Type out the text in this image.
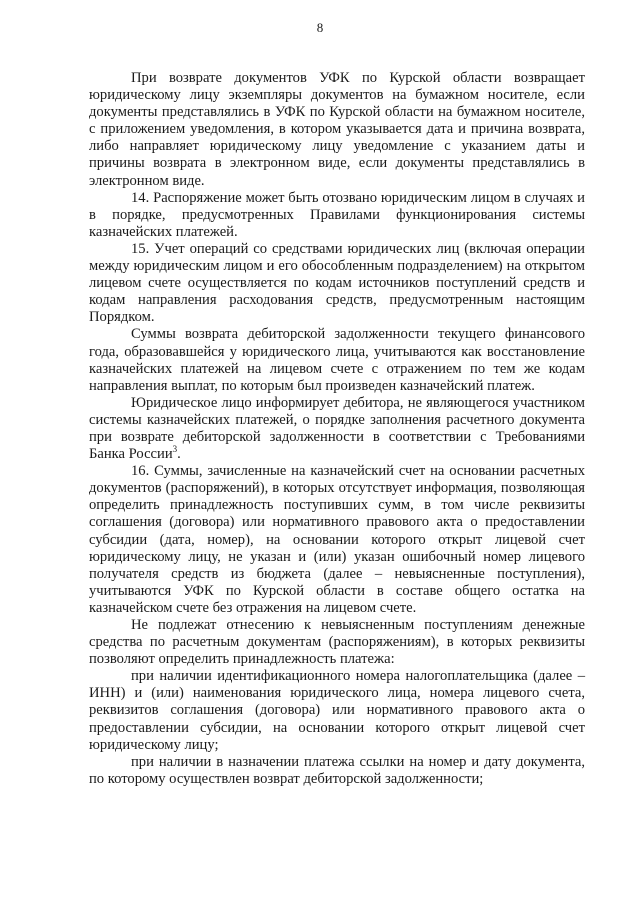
8

При возврате документов УФК по Курской области возвращает юридическому лицу экземпляры документов на бумажном носителе, если документы представлялись в УФК по Курской области на бумажном носителе, с приложением уведомления, в котором указывается дата и причина возврата, либо направляет юридическому лицу уведомление с указанием даты и причины возврата в электронном виде, если документы представлялись в электронном виде.

14. Распоряжение может быть отозвано юридическим лицом в случаях и в порядке, предусмотренных Правилами функционирования системы казначейских платежей.

15. Учет операций со средствами юридических лиц (включая операции между юридическим лицом и его обособленным подразделением) на открытом лицевом счете осуществляется по кодам источников поступлений средств и кодам направления расходования средств, предусмотренным настоящим Порядком.

Суммы возврата дебиторской задолженности текущего финансового года, образовавшейся у юридического лица, учитываются как восстановление казначейских платежей на лицевом счете с отражением по тем же кодам направления выплат, по которым был произведен казначейский платеж.

Юридическое лицо информирует дебитора, не являющегося участником системы казначейских платежей, о порядке заполнения расчетного документа при возврате дебиторской задолженности в соответствии с Требованиями Банка России$^3$.

16. Суммы, зачисленные на казначейский счет на основании расчетных документов (распоряжений), в которых отсутствует информация, позволяющая определить принадлежность поступивших сумм, в том числе реквизиты соглашения (договора) или нормативного правового акта о предоставлении субсидии (дата, номер), на основании которого открыт лицевой счет юридическому лицу, не указан и (или) указан ошибочный номер лицевого получателя средств из бюджета (далее – невыясненные поступления), учитываются УФК по Курской области в составе общего остатка на казначейском счете без отражения на лицевом счете.

Не подлежат отнесению к невыясненным поступлениям денежные средства по расчетным документам (распоряжениям), в которых реквизиты позволяют определить принадлежность платежа:

при наличии идентификационного номера налогоплательщика (далее – ИНН) и (или) наименования юридического лица, номера лицевого счета, реквизитов соглашения (договора) или нормативного правового акта о предоставлении субсидии, на основании которого открыт лицевой счет юридическому лицу;

при наличии в назначении платежа ссылки на номер и дату документа, по которому осуществлен возврат дебиторской задолженности;
